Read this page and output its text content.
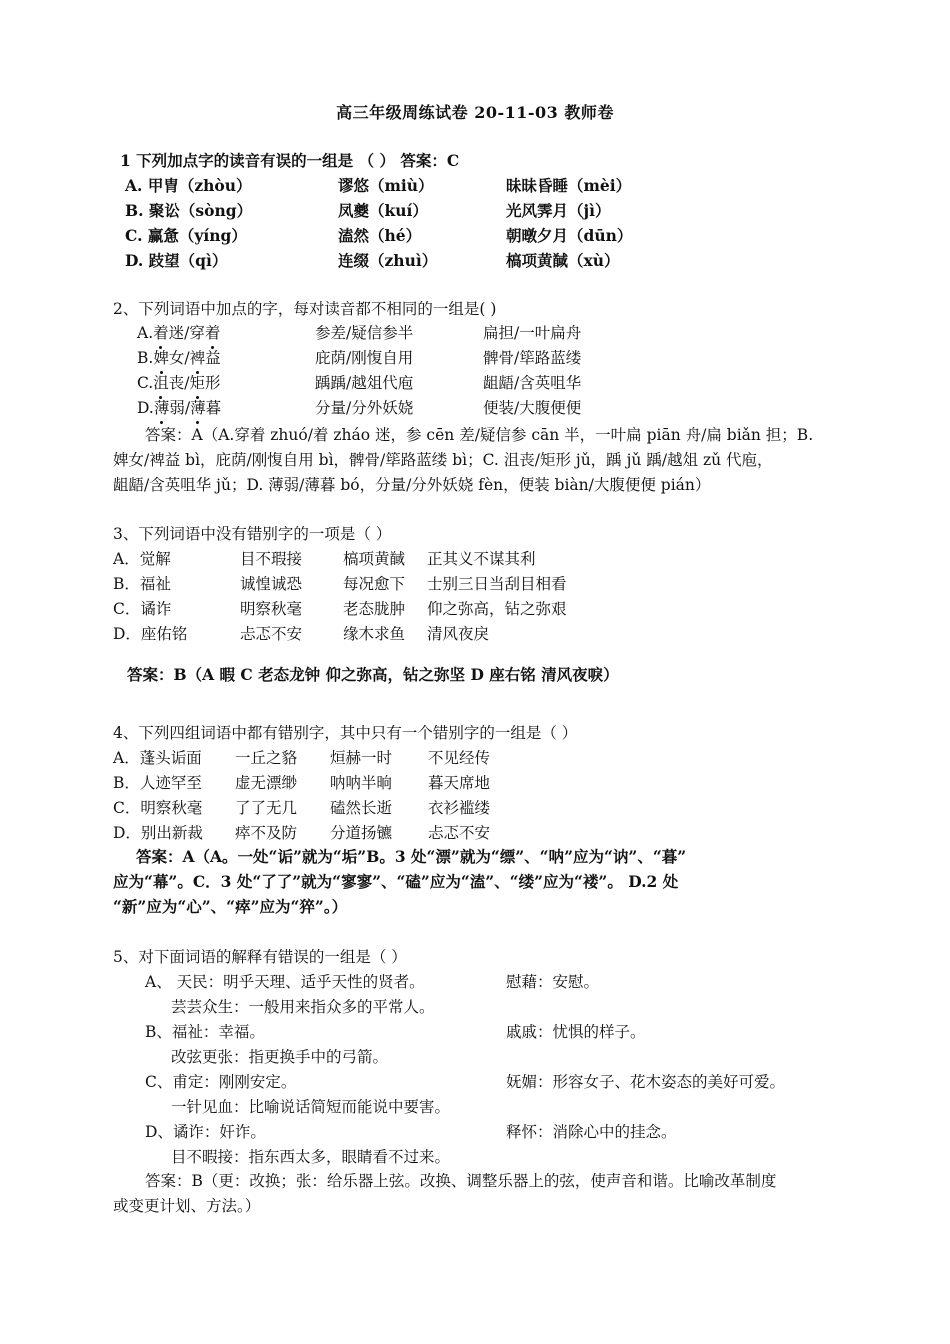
高三年级周练试卷 20-11-03 教师卷
1 下列加点字的读音有误的一组是 （ ） 答案：C
A. 甲胄（zhòu）	谬悠（miù）	昧昧昏睡（mèi）
B. 聚讼（sòng）	凤夔（kuí）	光风霁月（jì）
C. 赢惫（yíng）	溘然（hé）	朝暾夕月（dūn）
D. 跂望（qì）	连缀（zhuì）	槁项黄馘（xù）
2、下列词语中加点的字，每对读音都不相同的一组是( )
A.着迷/穿着	参差/疑信参半	扁担/一叶扁舟
B.婢女/裨益	庇荫/刚愎自用	髀骨/筚路蓝缕
C.沮丧/矩形	踽踽/越俎代庖	龃龉/含英咀华
D.薄弱/薄暮	分量/分外妖娆	便装/大腹便便
答案：A（A.穿着 zhuó/着 zháo 迷，参 cēn 差/疑信参 cān 半，一叶扁 piān 舟/扁 biǎn 担；B.
婢女/裨益 bì，庇荫/刚愎自用 bì，髀骨/筚路蓝缕 bì；C. 沮丧/矩形 jǔ，踽 jǔ 踽/越俎 zǔ 代庖，
龃龉/含英咀华 jǔ；D. 薄弱/薄暮 bó，分量/分外妖娆 fèn，便装 biàn/大腹便便 pián）
3、下列词语中没有错别字的一项是（ ）
A．觉解	目不瑕接	槁项黄馘 正其义不谋其利
B．福祉	诚惶诚恐	每况愈下 士别三日当刮目相看
C．谲诈	明察秋毫	老态胧肿 仰之弥高，钻之弥艰
D．座佑铭	忐忑不安	缘木求鱼 清风夜戾
答案：B（A 暇 C 老态龙钟 仰之弥高，钻之弥坚 D 座右铭 清风夜唳）
4、下列四组词语中都有错别字，其中只有一个错别字的一组是（ ）
A．蓬头诟面 一丘之貉 烜赫一时 不见经传
B．人迹罕至 虚无漂缈 呐呐半晌 暮天席地
C．明察秋毫 了了无几 磕然长逝 衣衫褴缕
D．别出新裁 瘁不及防 分道扬镳 忐忑不安
答案：A（A。一处“诟”就为“垢”B。3 处“漂”就为“缥”、“呐”应为“讷”、“暮”
应为“幕”。C．3 处“了了”就为“寥寥”、“磕”应为“溘”、“缕”应为“褛”。 D.2 处
“新”应为“心”、“瘁”应为“猝”。）
5、对下面词语的解释有错误的一组是（ ）
A、 天民：明乎天理、适乎天性的贤者。	慰藉：安慰。
芸芸众生：一般用来指众多的平常人。
B、福祉：幸福。	戚戚：忧惧的样子。
改弦更张：指更换手中的弓箭。
C、甫定：刚刚安定。	妩媚：形容女子、花木姿态的美好可爱。
一针见血：比喻说话简短而能说中要害。
D、谲诈：奸诈。	释怀：消除心中的挂念。
目不暇接：指东西太多，眼睛看不过来。
答案：B（更：改换；张：给乐器上弦。改换、调整乐器上的弦，使声音和谐。比喻改革制度
或变更计划、方法。）
